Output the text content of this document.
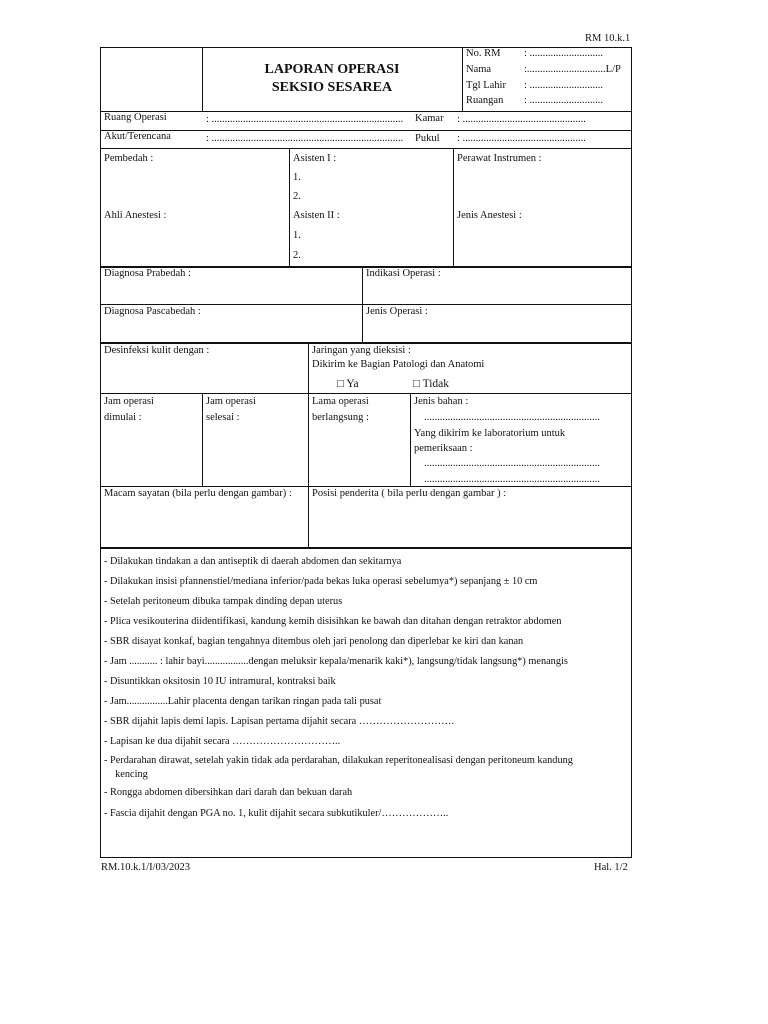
RM 10.k.1
LAPORAN OPERASI
SEKSIO SESAREA
No. RM : ............................
Nama	:..............................L/P
Tgl Lahir : ............................
Ruangan : ............................
Ruang Operasi	: ......................................................................... Kamar : ...............................................
Akut/Terencana	: ......................................................................... Pukul : ...............................................
Pembedah :
Ahli Anestesi :
Asisten I :
1.
2.
Asisten II :
1.
2.
Perawat Instrumen :
Jenis Anestesi :
Diagnosa Prabedah :	Indikasi Operasi :
Diagnosa Pascabedah :	Jenis Operasi :
Desinfeksi kulit dengan :	Jaringan yang dieksisi :
Dikirim ke Bagian Patologi dan Anatomi
□ Ya	□ Tidak
Jam operasi
dimulai :
Jam operasi
selesai :
Lama operasi
berlangsung :
Jenis bahan :
...................................................................
Yang dikirim ke laboratorium untuk
pemeriksaan :
...................................................................
...................................................................
Macam sayatan (bila perlu dengan gambar) : Posisi penderita ( bila perlu dengan gambar ) :
- Dilakukan tindakan a dan antiseptik di daerah abdomen dan sekitarnya
- Dilakukan insisi pfannenstiel/mediana inferior/pada bekas luka operasi sebelumya*) sepanjang ± 10 cm
- Setelah peritoneum dibuka tampak dinding depan uterus
- Plica vesikouterina diidentifikasi, kandung kemih disisihkan ke bawah dan ditahan dengan retraktor abdomen
- SBR disayat konkaf, bagian tengahnya ditembus oleh jari penolong dan diperlebar ke kiri dan kanan
- Jam ........... : lahir bayi.................dengan meluksir kepala/menarik kaki*), langsung/tidak langsung*) menangis
- Disuntikkan oksitosin 10 IU intramural, kontraksi baik
- Jam................Lahir placenta dengan tarikan ringan pada tali pusat
- SBR dijahit lapis demi lapis. Lapisan pertama dijahit secara ……………………….
- Lapisan ke dua dijahit secara …………………………..
- Perdarahan dirawat, setelah yakin tidak ada perdarahan, dilakukan reperitonealisasi dengan peritoneum kandung
kencing
- Rongga abdomen dibersihkan dari darah dan bekuan darah
- Fascia dijahit dengan PGA no. 1, kulit dijahit secara subkutikuler/………………..
RM.10.k.1/I/03/2023	Hal. 1/2
